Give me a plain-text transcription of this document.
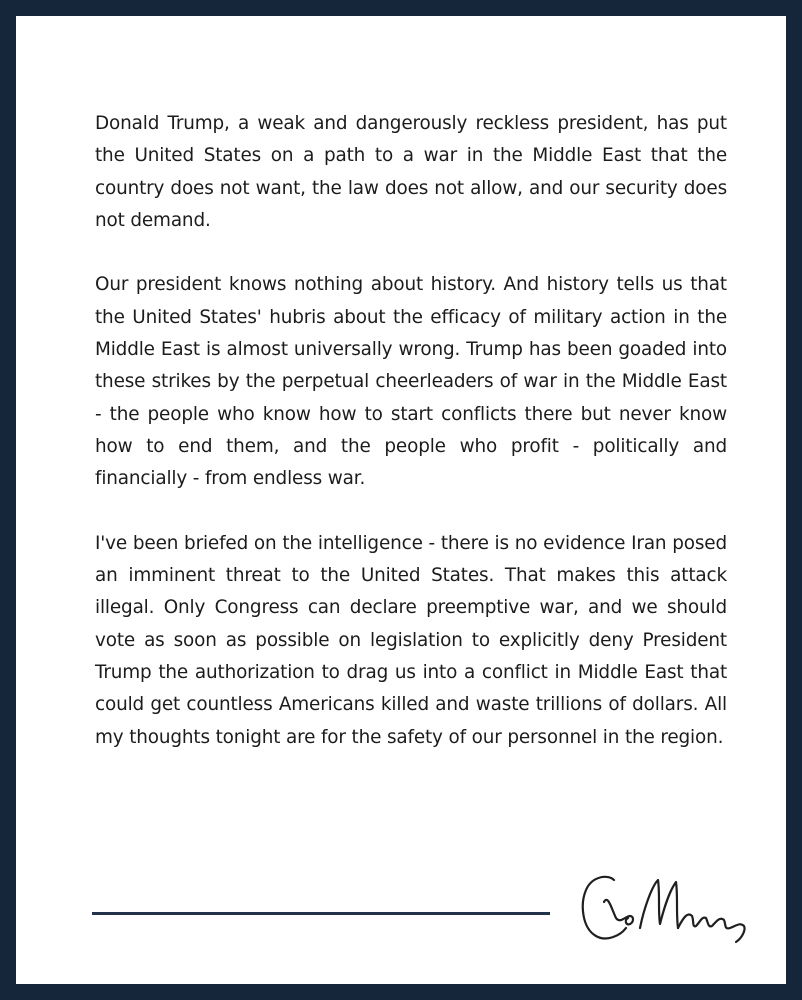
Donald Trump, a weak and dangerously reckless president, has put the United States on a path to a war in the Middle East that the country does not want, the law does not allow, and our security does not demand.

Our president knows nothing about history. And history tells us that the United States' hubris about the efficacy of military action in the Middle East is almost universally wrong. Trump has been goaded into these strikes by the perpetual cheerleaders of war in the Middle East - the people who know how to start conflicts there but never know how to end them, and the people who profit - politically and financially - from endless war.

I've been briefed on the intelligence - there is no evidence Iran posed an imminent threat to the United States. That makes this attack illegal. Only Congress can declare preemptive war, and we should vote as soon as possible on legislation to explicitly deny President Trump the authorization to drag us into a conflict in Middle East that could get countless Americans killed and waste trillions of dollars. All my thoughts tonight are for the safety of our personnel in the region.
